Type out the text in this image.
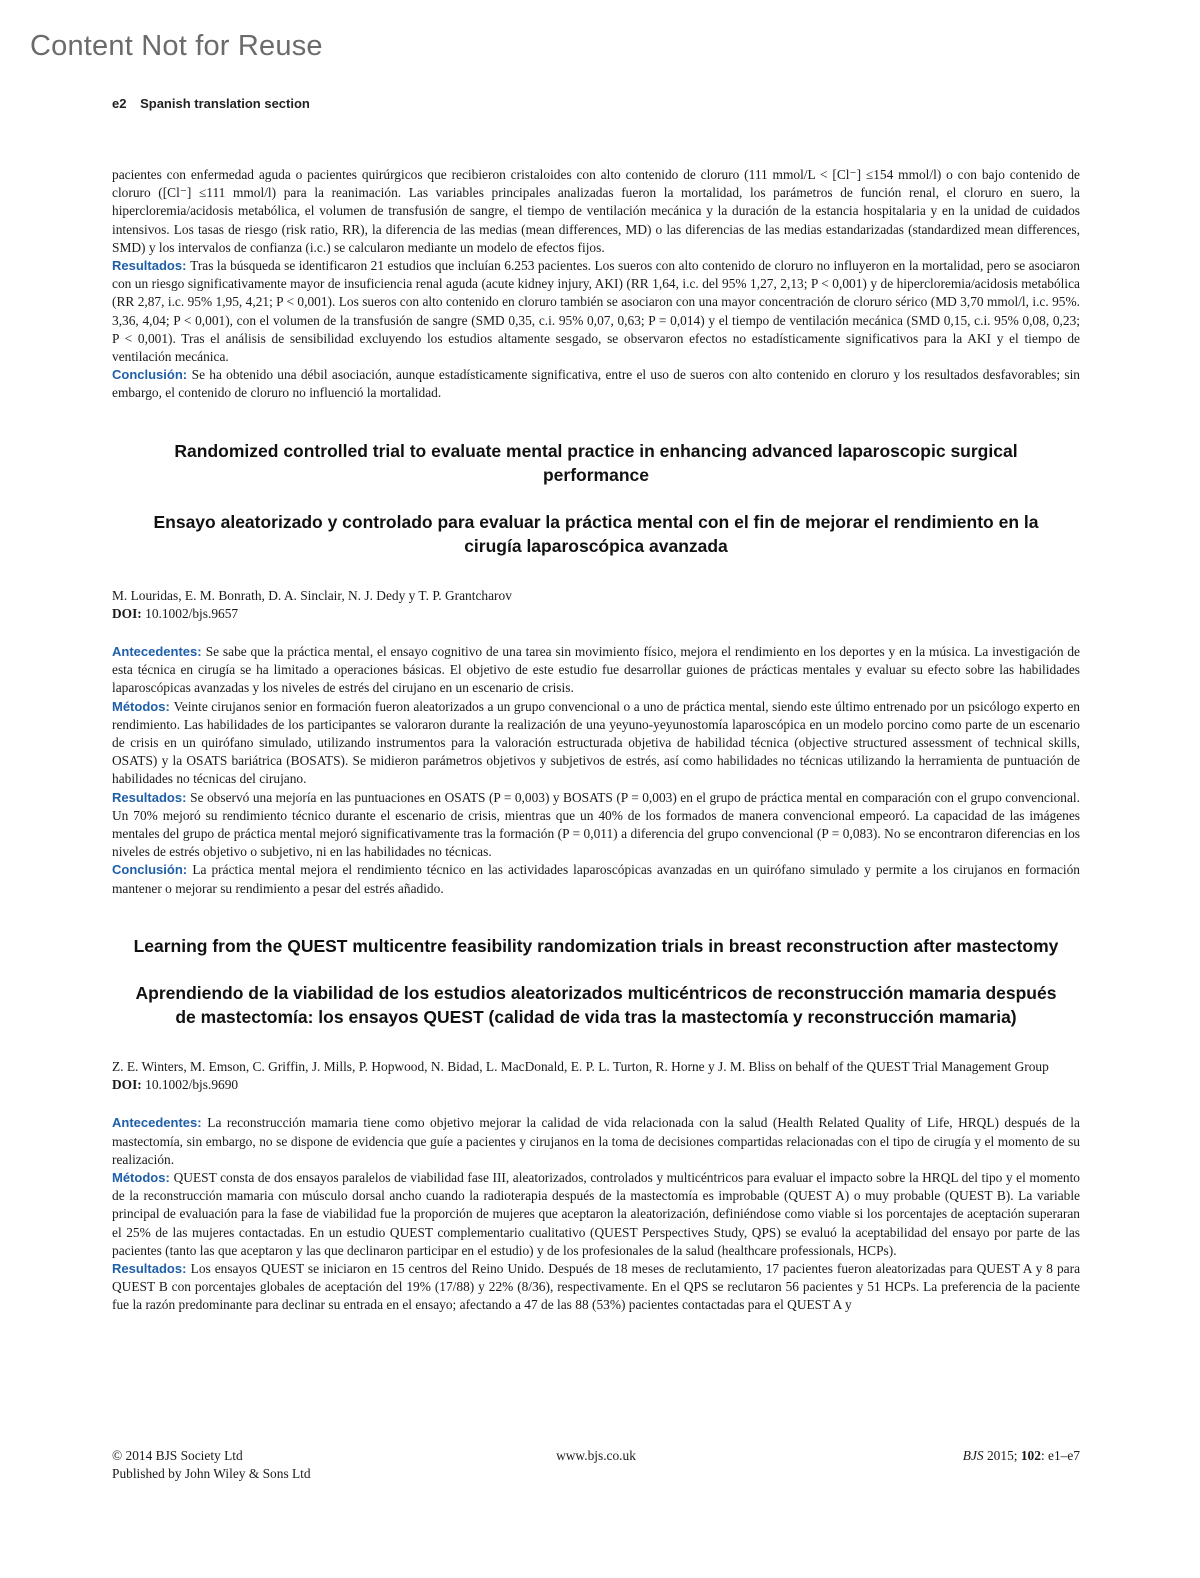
Content Not for Reuse
e2 Spanish translation section

pacientes con enfermedad aguda o pacientes quirúrgicos que recibieron cristaloides con alto contenido de cloruro (111 mmol/L < [Cl⁻] ≤154 mmol/l) o con bajo contenido de cloruro ([Cl⁻] ≤111 mmol/l) para la reanimación. Las variables principales analizadas fueron la mortalidad, los parámetros de función renal, el cloruro en suero, la hipercloremia/acidosis metabólica, el volumen de transfusión de sangre, el tiempo de ventilación mecánica y la duración de la estancia hospitalaria y en la unidad de cuidados intensivos. Los tasas de riesgo (risk ratio, RR), la diferencia de las medias (mean differences, MD) o las diferencias de las medias estandarizadas (standardized mean differences, SMD) y los intervalos de confianza (i.c.) se calcularon mediante un modelo de efectos fijos.

Resultados: Tras la búsqueda se identificaron 21 estudios que incluían 6.253 pacientes. Los sueros con alto contenido de cloruro no influyeron en la mortalidad, pero se asociaron con un riesgo significativamente mayor de insuficiencia renal aguda (acute kidney injury, AKI) (RR 1,64, i.c. del 95% 1,27, 2,13; P < 0,001) y de hipercloremia/acidosis metabólica (RR 2,87, i.c. 95% 1,95, 4,21; P < 0,001). Los sueros con alto contenido en cloruro también se asociaron con una mayor concentración de cloruro sérico (MD 3,70 mmol/l, i.c. 95%. 3,36, 4,04; P < 0,001), con el volumen de la transfusión de sangre (SMD 0,35, c.i. 95% 0,07, 0,63; P = 0,014) y el tiempo de ventilación mecánica (SMD 0,15, c.i. 95% 0,08, 0,23; P < 0,001). Tras el análisis de sensibilidad excluyendo los estudios altamente sesgado, se observaron efectos no estadísticamente significativos para la AKI y el tiempo de ventilación mecánica.

Conclusión: Se ha obtenido una débil asociación, aunque estadísticamente significativa, entre el uso de sueros con alto contenido en cloruro y los resultados desfavorables; sin embargo, el contenido de cloruro no influenció la mortalidad.

Randomized controlled trial to evaluate mental practice in enhancing advanced laparoscopic surgical performance
Ensayo aleatorizado y controlado para evaluar la práctica mental con el fin de mejorar el rendimiento en la cirugía laparoscópica avanzada

M. Louridas, E. M. Bonrath, D. A. Sinclair, N. J. Dedy y T. P. Grantcharov

DOI: 10.1002/bjs.9657

Antecedentes: Se sabe que la práctica mental, el ensayo cognitivo de una tarea sin movimiento físico, mejora el rendimiento en los deportes y en la música. La investigación de esta técnica en cirugía se ha limitado a operaciones básicas. El objetivo de este estudio fue desarrollar guiones de prácticas mentales y evaluar su efecto sobre las habilidades laparoscópicas avanzadas y los niveles de estrés del cirujano en un escenario de crisis.

Métodos: Veinte cirujanos senior en formación fueron aleatorizados a un grupo convencional o a uno de práctica mental, siendo este último entrenado por un psicólogo experto en rendimiento. Las habilidades de los participantes se valoraron durante la realización de una yeyuno-yeyunostomía laparoscópica en un modelo porcino como parte de un escenario de crisis en un quirófano simulado, utilizando instrumentos para la valoración estructurada objetiva de habilidad técnica (objective structured assessment of technical skills, OSATS) y la OSATS bariátrica (BOSATS). Se midieron parámetros objetivos y subjetivos de estrés, así como habilidades no técnicas utilizando la herramienta de puntuación de habilidades no técnicas del cirujano.

Resultados: Se observó una mejoría en las puntuaciones en OSATS (P = 0,003) y BOSATS (P = 0,003) en el grupo de práctica mental en comparación con el grupo convencional. Un 70% mejoró su rendimiento técnico durante el escenario de crisis, mientras que un 40% de los formados de manera convencional empeoró. La capacidad de las imágenes mentales del grupo de práctica mental mejoró significativamente tras la formación (P = 0,011) a diferencia del grupo convencional (P = 0,083). No se encontraron diferencias en los niveles de estrés objetivo o subjetivo, ni en las habilidades no técnicas.

Conclusión: La práctica mental mejora el rendimiento técnico en las actividades laparoscópicas avanzadas en un quirófano simulado y permite a los cirujanos en formación mantener o mejorar su rendimiento a pesar del estrés añadido.

Learning from the QUEST multicentre feasibility randomization trials in breast reconstruction after mastectomy
Aprendiendo de la viabilidad de los estudios aleatorizados multicéntricos de reconstrucción mamaria después de mastectomía: los ensayos QUEST (calidad de vida tras la mastectomía y reconstrucción mamaria)

Z. E. Winters, M. Emson, C. Griffin, J. Mills, P. Hopwood, N. Bidad, L. MacDonald, E. P. L. Turton, R. Horne y J. M. Bliss on behalf of the QUEST Trial Management Group

DOI: 10.1002/bjs.9690

Antecedentes: La reconstrucción mamaria tiene como objetivo mejorar la calidad de vida relacionada con la salud (Health Related Quality of Life, HRQL) después de la mastectomía, sin embargo, no se dispone de evidencia que guíe a pacientes y cirujanos en la toma de decisiones compartidas relacionadas con el tipo de cirugía y el momento de su realización.

Métodos: QUEST consta de dos ensayos paralelos de viabilidad fase III, aleatorizados, controlados y multicéntricos para evaluar el impacto sobre la HRQL del tipo y el momento de la reconstrucción mamaria con músculo dorsal ancho cuando la radioterapia después de la mastectomía es improbable (QUEST A) o muy probable (QUEST B). La variable principal de evaluación para la fase de viabilidad fue la proporción de mujeres que aceptaron la aleatorización, definiéndose como viable si los porcentajes de aceptación superaran el 25% de las mujeres contactadas. En un estudio QUEST complementario cualitativo (QUEST Perspectives Study, QPS) se evaluó la aceptabilidad del ensayo por parte de las pacientes (tanto las que aceptaron y las que declinaron participar en el estudio) y de los profesionales de la salud (healthcare professionals, HCPs).

Resultados: Los ensayos QUEST se iniciaron en 15 centros del Reino Unido. Después de 18 meses de reclutamiento, 17 pacientes fueron aleatorizadas para QUEST A y 8 para QUEST B con porcentajes globales de aceptación del 19% (17/88) y 22% (8/36), respectivamente. En el QPS se reclutaron 56 pacientes y 51 HCPs. La preferencia de la paciente fue la razón predominante para declinar su entrada en el ensayo; afectando a 47 de las 88 (53%) pacientes contactadas para el QUEST A y

© 2014 BJS Society Ltd
Published by John Wiley & Sons Ltd
www.bjs.co.uk	BJS 2015; 102: e1–e7
